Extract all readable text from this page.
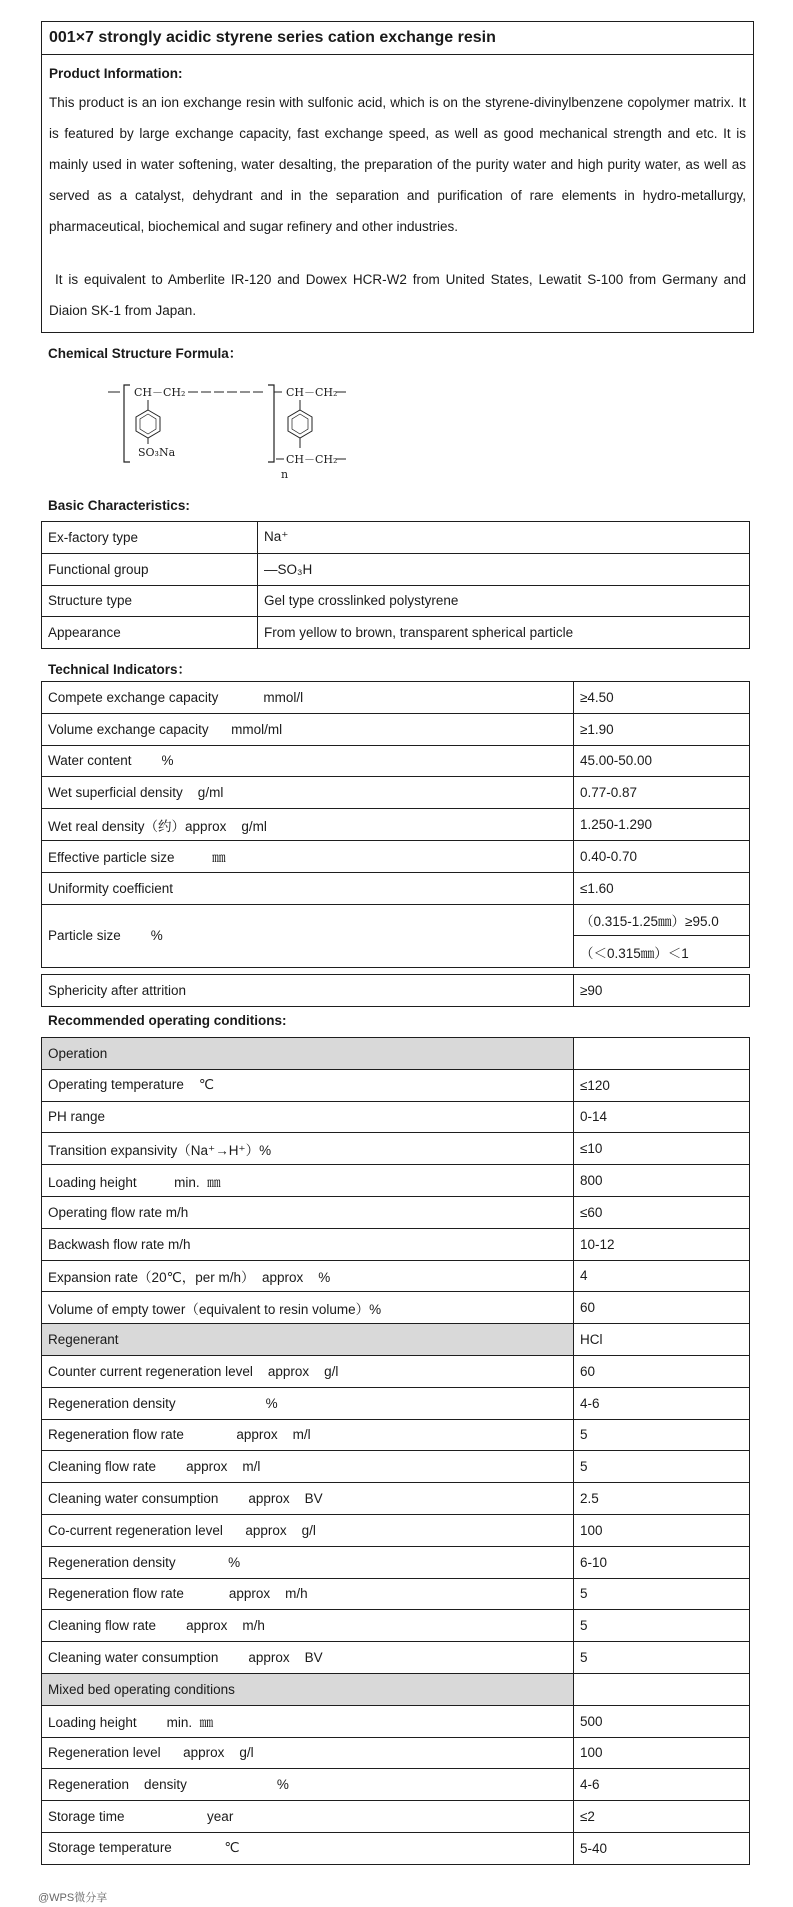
001×7 strongly acidic styrene series cation exchange resin
Product Information:

This product is an ion exchange resin with sulfonic acid, which is on the styrene-divinylbenzene copolymer matrix. It is featured by large exchange capacity, fast exchange speed, as well as good mechanical strength and etc. It is mainly used in water softening, water desalting, the preparation of the purity water and high purity water, as well as served as a catalyst, dehydrant and in the separation and purification of rare elements in hydro-metallurgy, pharmaceutical, biochemical and sugar refinery and other industries.

It is equivalent to Amberlite IR-120 and Dowex HCR-W2 from United States, Lewatit S-100 from Germany and Diaion SK-1 from Japan.

Chemical Structure Formula：
CH－CH₂
SO₃Na
CH－CH₂
CH－CH₂
n
Basic Characteristics:
Ex-factory type	Na⁺
Functional group	—SO₃H
Structure type	Gel type crosslinked polystyrene
Appearance	From yellow to brown, transparent spherical particle
Technical Indicators：
Compete exchange capacity            mmol/l	≥4.50
Volume exchange capacity      mmol/ml	≥1.90
Water content        %	45.00-50.00
Wet superficial density    g/ml	0.77-0.87
Wet real density（约）approx    g/ml	1.250-1.290
Effective particle size          ㎜	0.40-0.70
Uniformity coefficient	≤1.60
Particle size        %	（0.315-1.25㎜）≥95.0
	（＜0.315㎜）＜1
Sphericity after attrition	≥90
Recommended operating conditions:
Operation	
Operating temperature    ℃	≤120
PH range	0-14
Transition expansivity（Na⁺→H⁺）%	≤10
Loading height          min.  ㎜	800
Operating flow rate m/h	≤60
Backwash flow rate m/h	10-12
Expansion rate（20℃，per m/h）  approx    %	4
Volume of empty tower（equivalent to resin volume）%	60
Regenerant	HCl
Counter current regeneration level    approx    g/l	60
Regeneration density                        %	4-6
Regeneration flow rate              approx    m/l	5
Cleaning flow rate        approx    m/l	5
Cleaning water consumption        approx    BV	2.5
Co-current regeneration level      approx    g/l	100
Regeneration density              %	6-10
Regeneration flow rate            approx    m/h	5
Cleaning flow rate        approx    m/h	5
Cleaning water consumption        approx    BV	5
Mixed bed operating conditions	
Loading height        min.  ㎜	500
Regeneration level      approx    g/l	100
Regeneration    density                        %	4-6
Storage time                      year	≤2
Storage temperature              ℃	5-40
@WPS微分享
